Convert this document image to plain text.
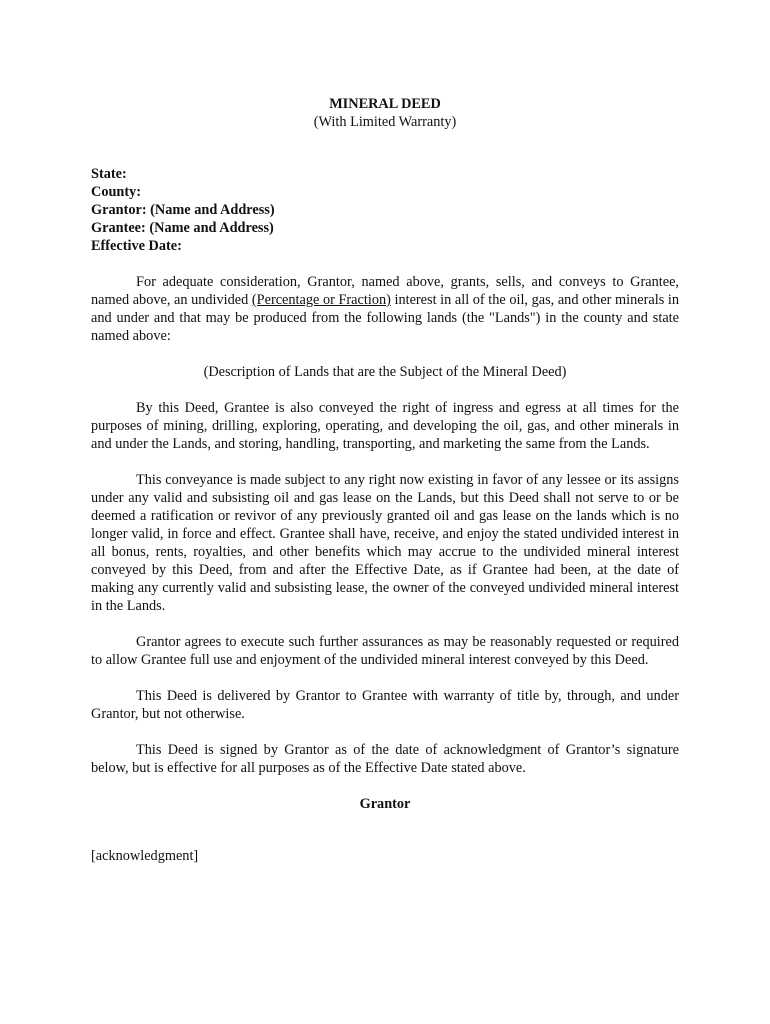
MINERAL DEED

(With Limited Warranty)

State:

County:

Grantor: (Name and Address)

Grantee: (Name and Address)

Effective Date:

For adequate consideration, Grantor, named above, grants, sells, and conveys to Grantee, named above, an undivided (Percentage or Fraction) interest in all of the oil, gas, and other minerals in and under and that may be produced from the following lands (the "Lands") in the county and state named above:

(Description of Lands that are the Subject of the Mineral Deed)

By this Deed, Grantee is also conveyed the right of ingress and egress at all times for the purposes of mining, drilling, exploring, operating, and developing the oil, gas, and other minerals in and under the Lands, and storing, handling, transporting, and marketing the same from the Lands.

This conveyance is made subject to any right now existing in favor of any lessee or its assigns under any valid and subsisting oil and gas lease on the Lands, but this Deed shall not serve to or be deemed a ratification or revivor of any previously granted oil and gas lease on the lands which is no longer valid, in force and effect. Grantee shall have, receive, and enjoy the stated undivided interest in all bonus, rents, royalties, and other benefits which may accrue to the undivided mineral interest conveyed by this Deed, from and after the Effective Date, as if Grantee had been, at the date of making any currently valid and subsisting lease, the owner of the conveyed undivided mineral interest in the Lands.

Grantor agrees to execute such further assurances as may be reasonably requested or required to allow Grantee full use and enjoyment of the undivided mineral interest conveyed by this Deed.

This Deed is delivered by Grantor to Grantee with warranty of title by, through, and under Grantor, but not otherwise.

This Deed is signed by Grantor as of the date of acknowledgment of Grantor’s signature below, but is effective for all purposes as of the Effective Date stated above.

Grantor

[acknowledgment]
